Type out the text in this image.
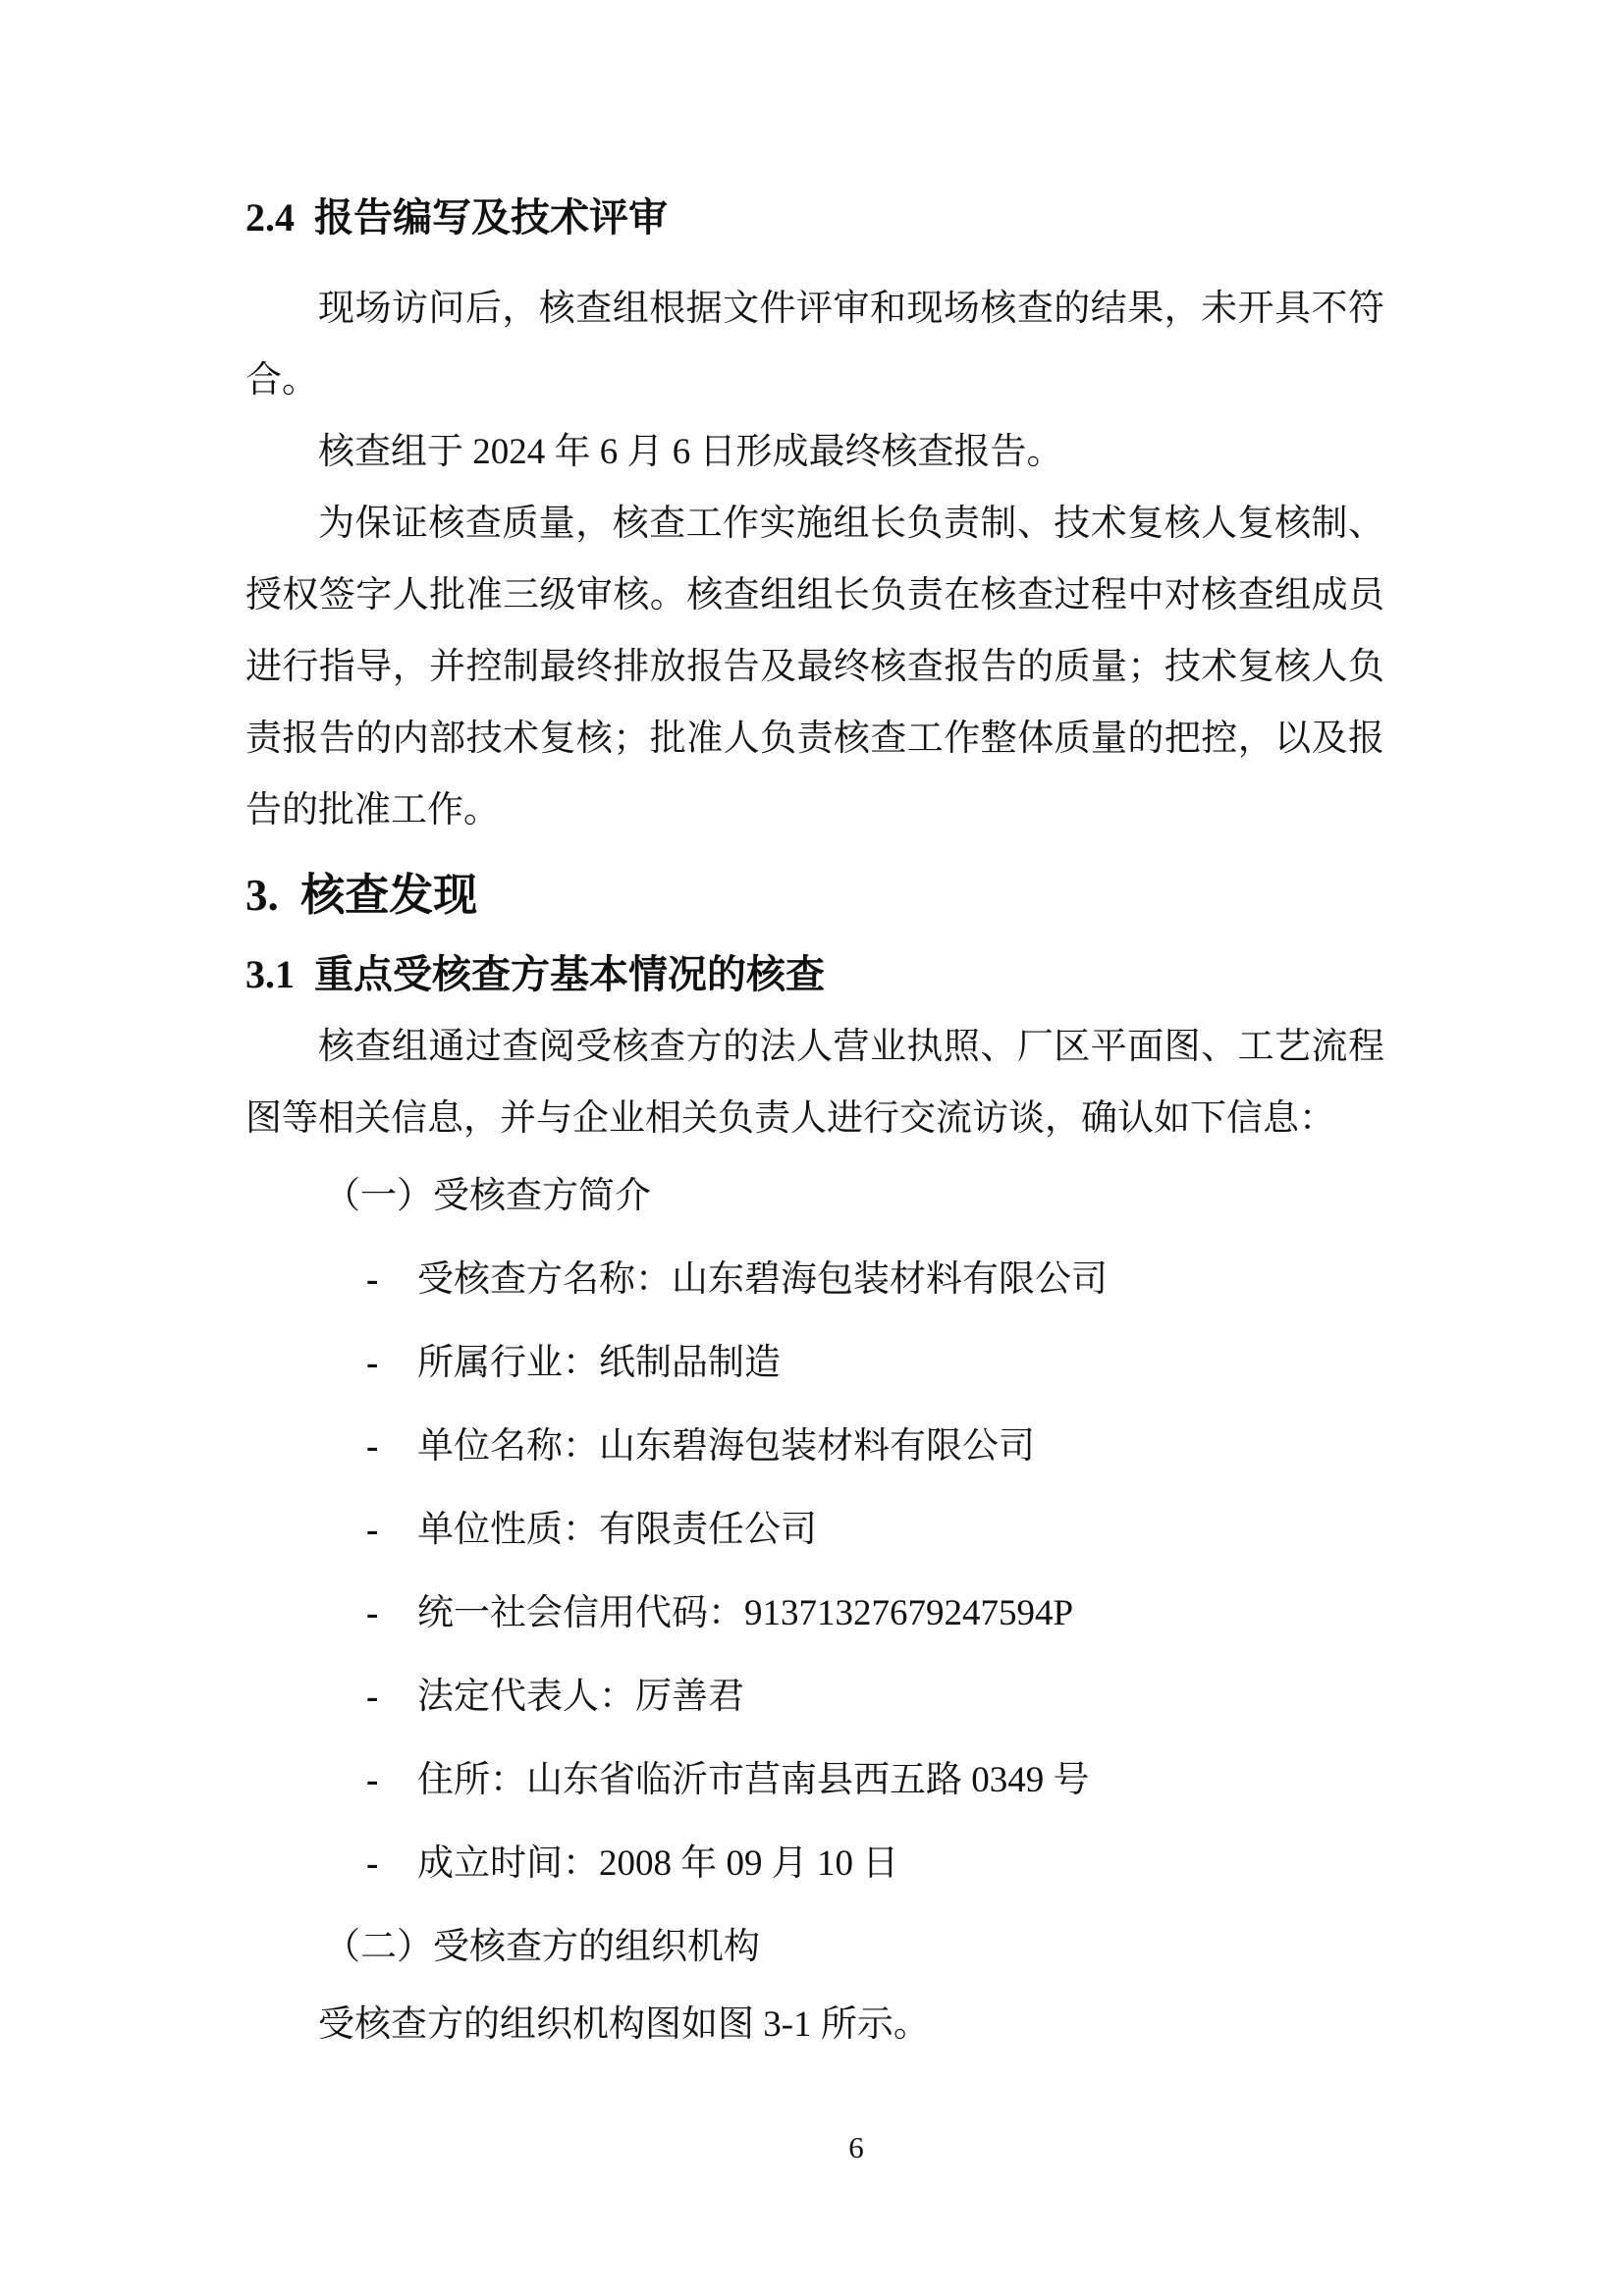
2.4  报告编写及技术评审

现场访问后，核查组根据文件评审和现场核查的结果，未开具不符合。

核查组于 2024 年 6 月 6 日形成最终核查报告。

为保证核查质量，核查工作实施组长负责制、技术复核人复核制、授权签字人批准三级审核。核查组组长负责在核查过程中对核查组成员进行指导，并控制最终排放报告及最终核查报告的质量；技术复核人负责报告的内部技术复核；批准人负责核查工作整体质量的把控，以及报告的批准工作。

3.  核查发现
3.1  重点受核查方基本情况的核查

核查组通过查阅受核查方的法人营业执照、厂区平面图、工艺流程图等相关信息，并与企业相关负责人进行交流访谈，确认如下信息：

（一）受核查方简介

- 受核查方名称：山东碧海包装材料有限公司
- 所属行业：纸制品制造
- 单位名称：山东碧海包装材料有限公司
- 单位性质：有限责任公司
- 统一社会信用代码：91371327679247594P
- 法定代表人：厉善君
- 住所：山东省临沂市莒南县西五路 0349 号
- 成立时间：2008 年 09 月 10 日

（二）受核查方的组织机构

受核查方的组织机构图如图 3-1 所示。

6
